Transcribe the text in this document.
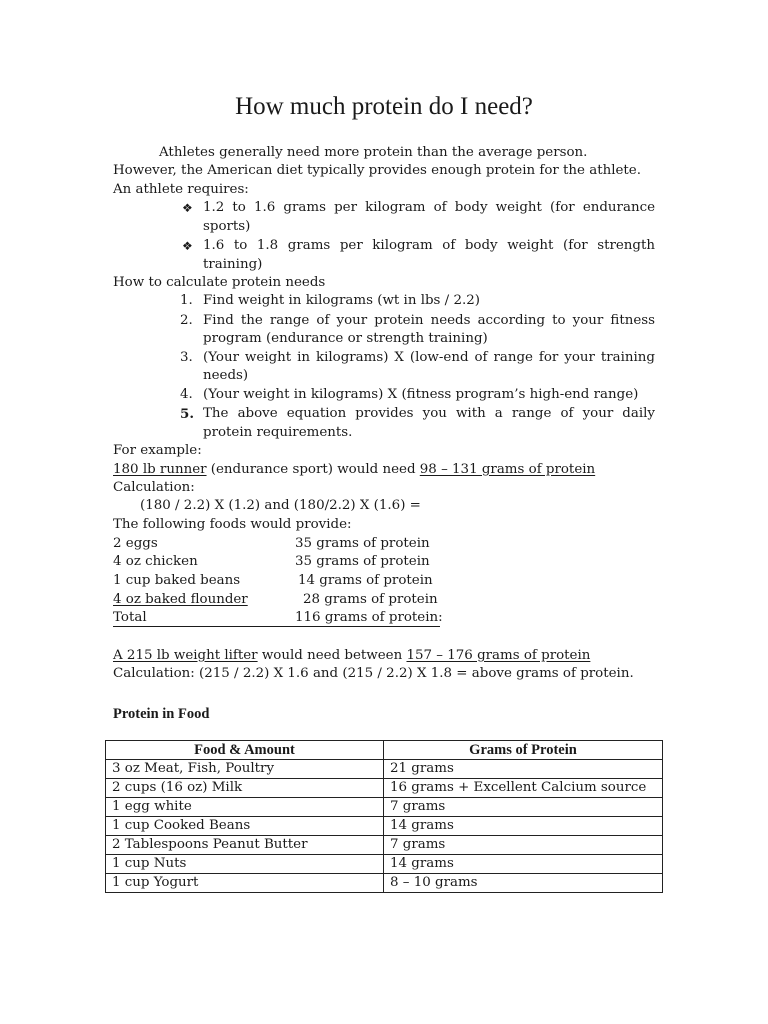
How much protein do I need?
Athletes generally need more protein than the average person.
However, the American diet typically provides enough protein for the athlete.
An athlete requires:
❖ 1.2 to 1.6 grams per kilogram of body weight (for endurance
sports)
❖ 1.6 to 1.8 grams per kilogram of body weight (for strength
training)
How to calculate protein needs
1. Find weight in kilograms (wt in lbs / 2.2)
2. Find the range of your protein needs according to your fitness
program (endurance or strength training)
3. (Your weight in kilograms) X (low-end of range for your training
needs)
4. (Your weight in kilograms) X (fitness program’s high-end range)
5. The above equation provides you with a range of your daily
protein requirements.
For example:
180 lb runner (endurance sport) would need 98 – 131 grams of protein
Calculation:
(180 / 2.2) X (1.2) and (180/2.2) X (1.6) =
The following foods would provide:
2 eggs	35 grams of protein
4 oz chicken	35 grams of protein
1 cup baked beans	14 grams of protein
4 oz baked flounder	28 grams of protein
Total	116 grams of protein:
A 215 lb weight lifter would need between 157 – 176 grams of protein
Calculation: (215 / 2.2) X 1.6 and (215 / 2.2) X 1.8 = above grams of protein.
Protein in Food
Food & Amount	Grams of Protein
3 oz Meat, Fish, Poultry	21 grams
2 cups (16 oz) Milk	16 grams + Excellent Calcium source
1 egg white	7 grams
1 cup Cooked Beans	14 grams
2 Tablespoons Peanut Butter	7 grams
1 cup Nuts	14 grams
1 cup Yogurt	8 – 10 grams
